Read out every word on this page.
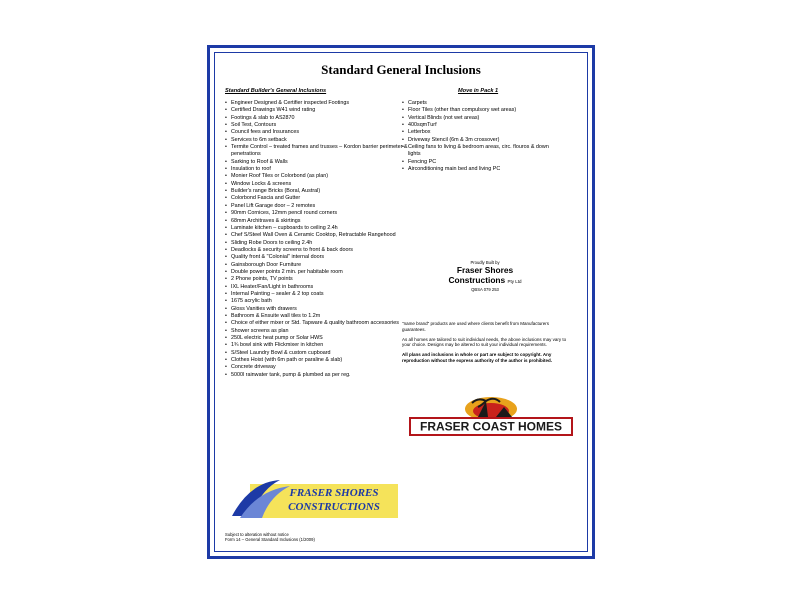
Standard General Inclusions
Standard Builder's General Inclusions	Move in Pack 1
• Engineer Designed & Certifier inspected Footings
• Certified Drawings W41 wind rating
• Footings & slab to AS2870
• Soil Test, Contours
• Council fees and Insurances
• Services to 6m setback
• Termite Control – treated frames and trusses – Kordon barrier perimeter & penetrations
• Sarking to Roof & Walls
• Insulation to roof
• Monier Roof Tiles or Colorbond (as plan)
• Window Locks & screens
• Builder's range Bricks (Boral, Austral)
• Colorbond Fascia and Gutter
• Panel Lift Garage door – 2 remotes
• 90mm Cornices, 12mm pencil round corners
• 68mm Architraves & skirtings
• Laminate kitchen – cupboards to ceiling 2.4h
• Chef S/Steel Wall Oven & Ceramic Cooktop, Retractable Rangehood
• Sliding Robe Doors to ceiling 2.4h
• Deadlocks & security screens to front & back doors
• Quality front & "Colonial" internal doors
• Gainsborough Door Furniture
• Double power points 2 min. per habitable room
• 2 Phone points, TV points
• IXL Heater/Fan/Light in bathrooms
• Internal Painting – sealer & 2 top coats
• 1675 acrylic bath
• Gloss Vanities with drawers
• Bathroom & Ensuite wall tiles to 1.2m
• Choice of either mixer or Std. Tapware & quality bathroom accessories
• Shower screens as plan
• 250L electric heat pump or Solar HWS
• 1¾ bowl sink with Flickmixer in kitchen
• S/Steel Laundry Bowl & custom cupboard
• Clothes Hoist (with 6m path or paraline & slab)
• Concrete driveway
• 5000l rainwater tank, pump & plumbed as per reg.
• Carpets
• Floor Tiles (other than compulsory wet areas)
• Vertical Blinds (not wet areas)
• 400sqmTurf
• Letterbox
• Driveway Stencil (6m & 3m crossover)
• Ceiling fans to living & bedroom areas, circ. flouros & down lights
• Fencing PC
• Airconditioning main bed and living PC
Proudly Built by
Fraser Shores
Constructions Pty Ltd
QBSA 079 253

"name brand" products are used where clients benefit from Manufacturers guarantees.

As all homes are tailored to suit individual needs, the above inclusions may vary to your choice. Designs may be altered to suit your individual requirements.

All plans and inclusions in whole or part are subject to copyright. Any reproduction without the express authority of the author is prohibited.

FRASER COAST HOMES
FRASER SHORES
CONSTRUCTIONS
Subject to alteration without notice
Form 14 – General Standard Inclusions (1/2009)
